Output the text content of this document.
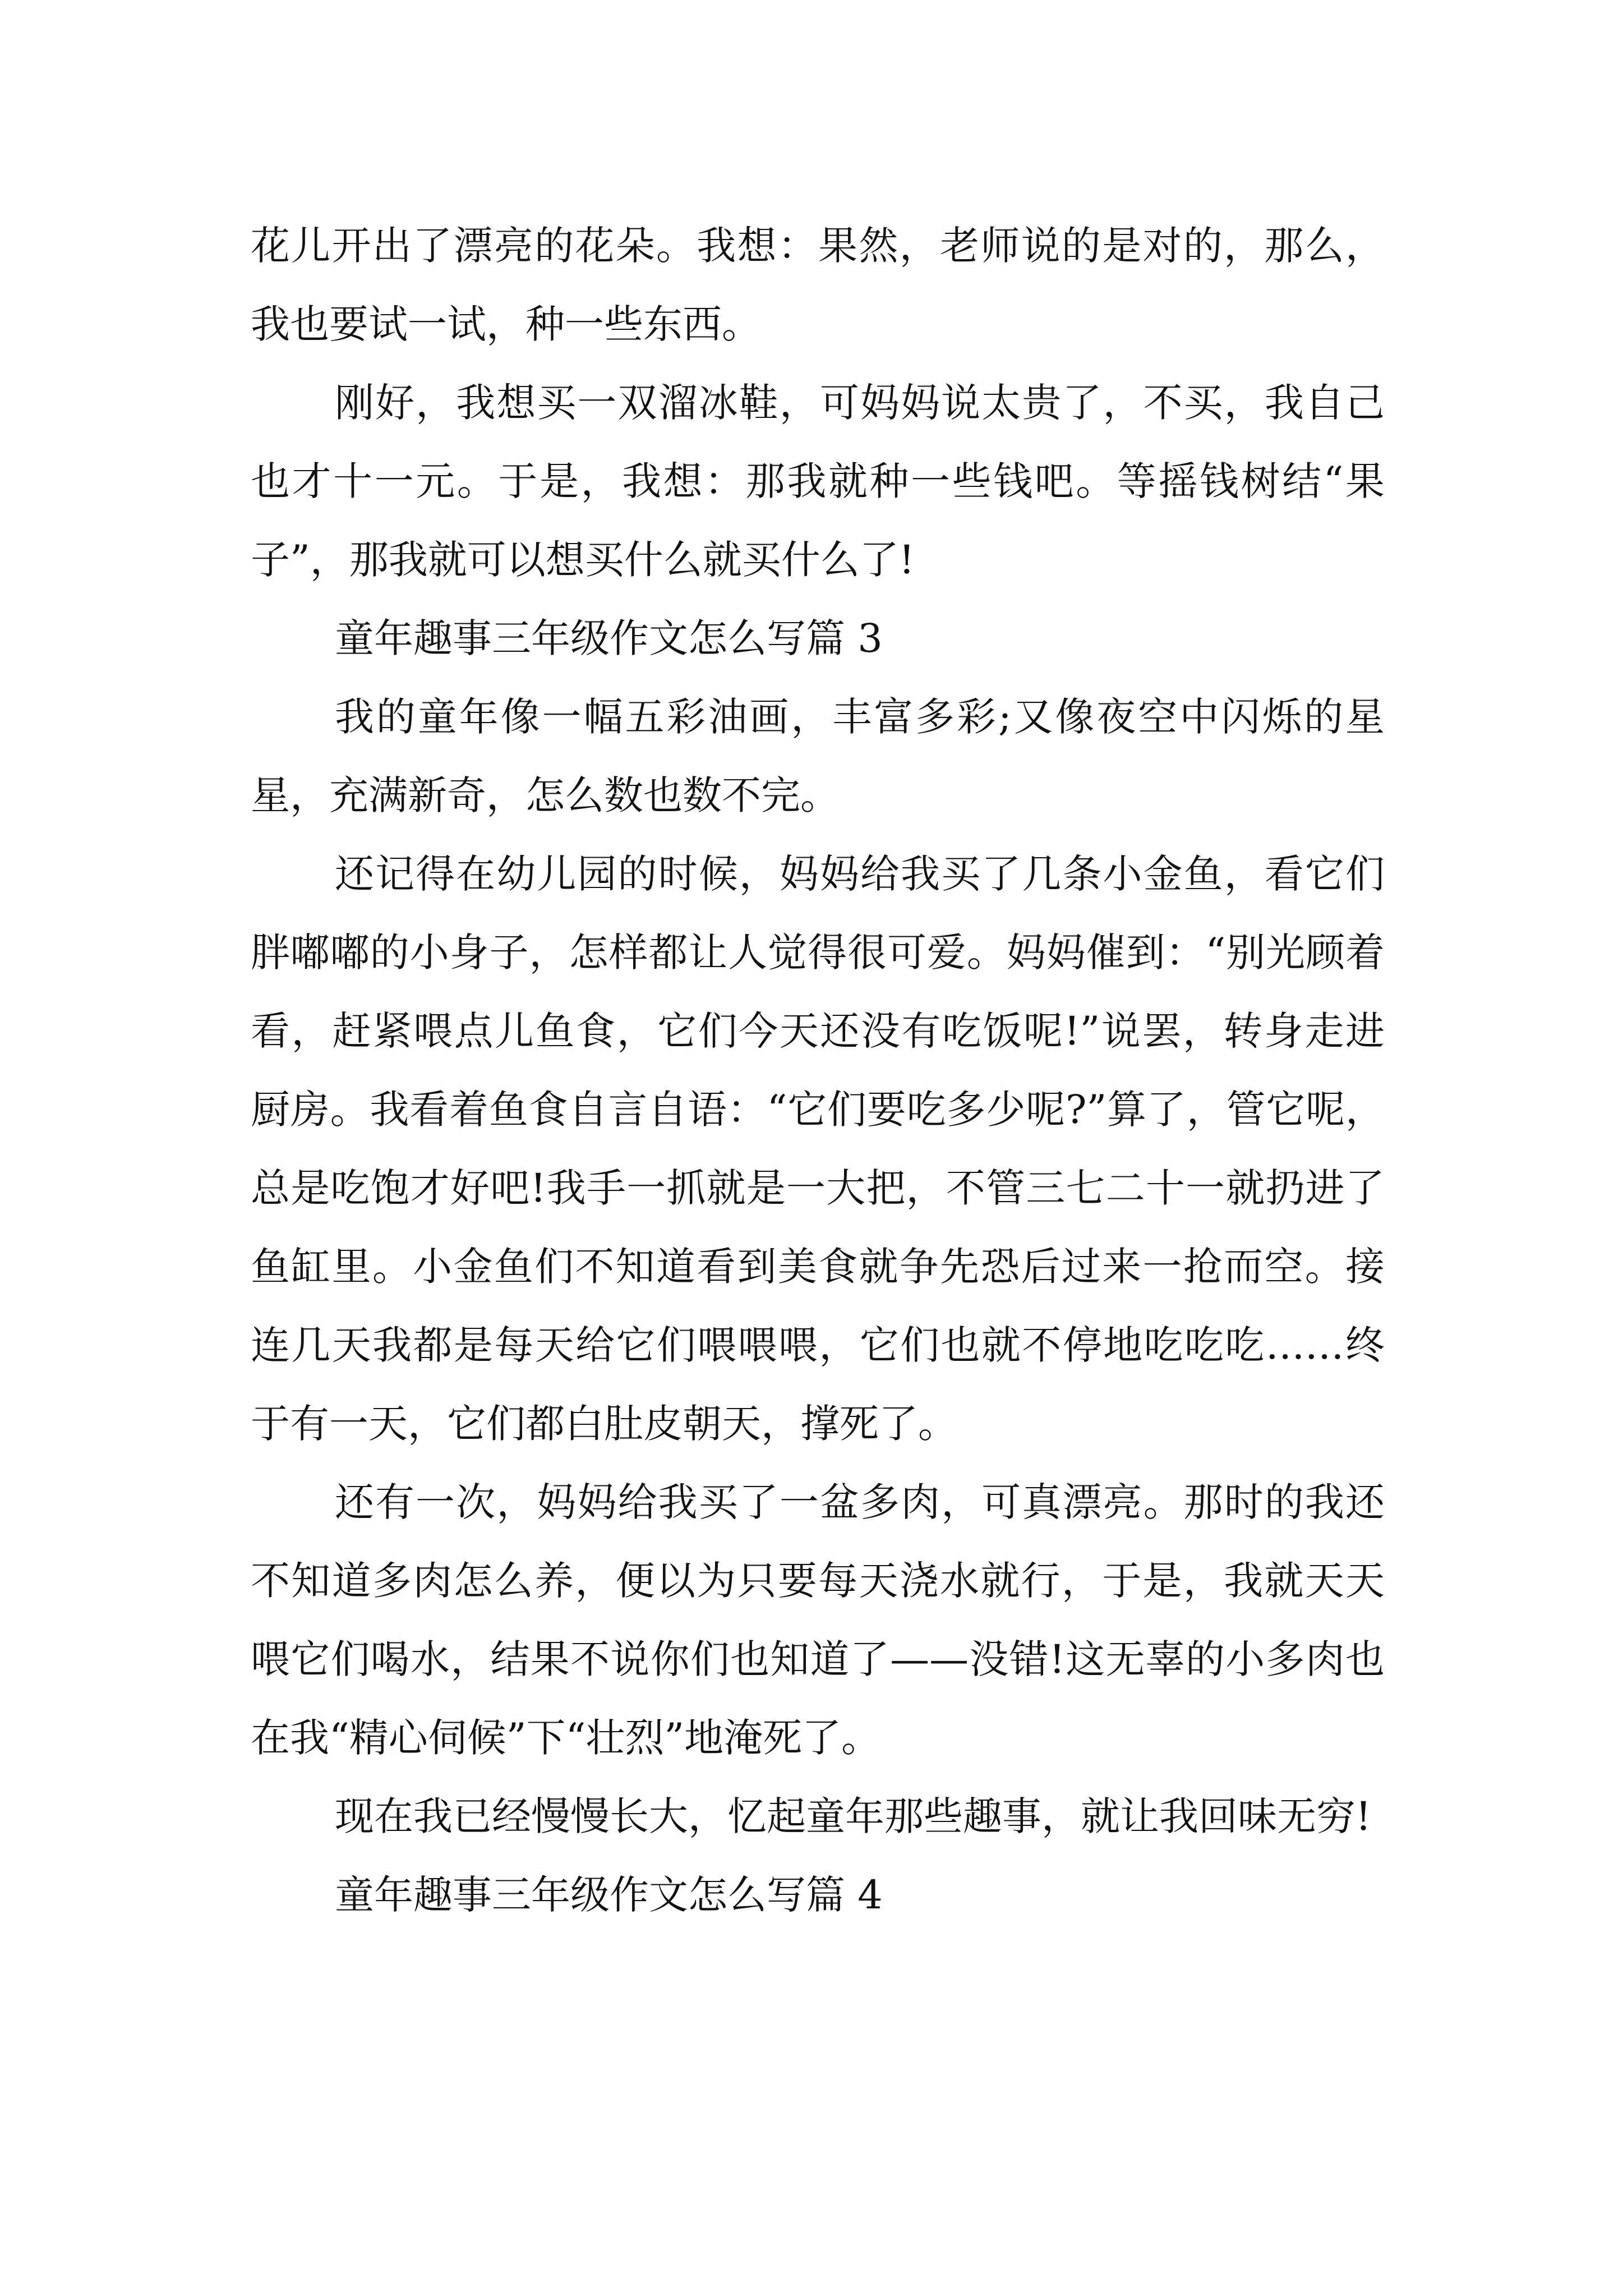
花儿开出了漂亮的花朵。我想：果然，老师说的是对的，那么，我也要试一试，种一些东西。

刚好，我想买一双溜冰鞋，可妈妈说太贵了，不买，我自己也才十一元。于是，我想：那我就种一些钱吧。等摇钱树结“果子”，那我就可以想买什么就买什么了!

童年趣事三年级作文怎么写篇 3

我的童年像一幅五彩油画，丰富多彩;又像夜空中闪烁的星星，充满新奇，怎么数也数不完。

还记得在幼儿园的时候，妈妈给我买了几条小金鱼，看它们胖嘟嘟的小身子，怎样都让人觉得很可爱。妈妈催到：“别光顾着看，赶紧喂点儿鱼食，它们今天还没有吃饭呢!”说罢，转身走进厨房。我看着鱼食自言自语：“它们要吃多少呢?”算了，管它呢，总是吃饱才好吧!我手一抓就是一大把，不管三七二十一就扔进了鱼缸里。小金鱼们不知道看到美食就争先恐后过来一抢而空。接连几天我都是每天给它们喂喂喂，它们也就不停地吃吃吃……终于有一天，它们都白肚皮朝天，撑死了。

还有一次，妈妈给我买了一盆多肉，可真漂亮。那时的我还不知道多肉怎么养，便以为只要每天浇水就行，于是，我就天天喂它们喝水，结果不说你们也知道了——没错!这无辜的小多肉也在我“精心伺候”下“壮烈”地淹死了。

现在我已经慢慢长大，忆起童年那些趣事，就让我回味无穷!

童年趣事三年级作文怎么写篇 4
